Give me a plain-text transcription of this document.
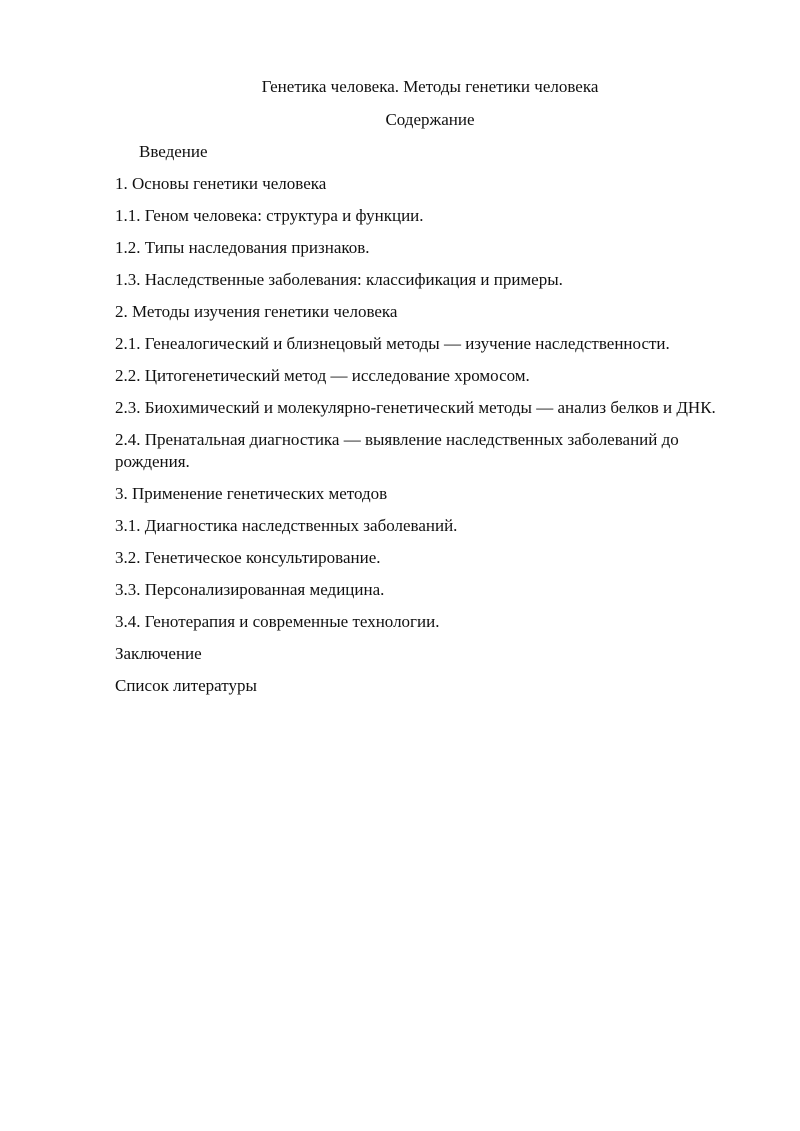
Генетика человека. Методы генетики человека
Содержание
Введение
1. Основы генетики человека
1.1. Геном человека: структура и функции.
1.2. Типы наследования признаков.
1.3. Наследственные заболевания: классификация и примеры.
2. Методы изучения генетики человека
2.1. Генеалогический и близнецовый методы — изучение наследственности.
2.2. Цитогенетический метод — исследование хромосом.
2.3. Биохимический и молекулярно-генетический методы — анализ белков и ДНК.
2.4. Пренатальная диагностика — выявление наследственных заболеваний до рождения.
3. Применение генетических методов
3.1. Диагностика наследственных заболеваний.
3.2. Генетическое консультирование.
3.3. Персонализированная медицина.
3.4. Генотерапия и современные технологии.
Заключение
Список литературы
